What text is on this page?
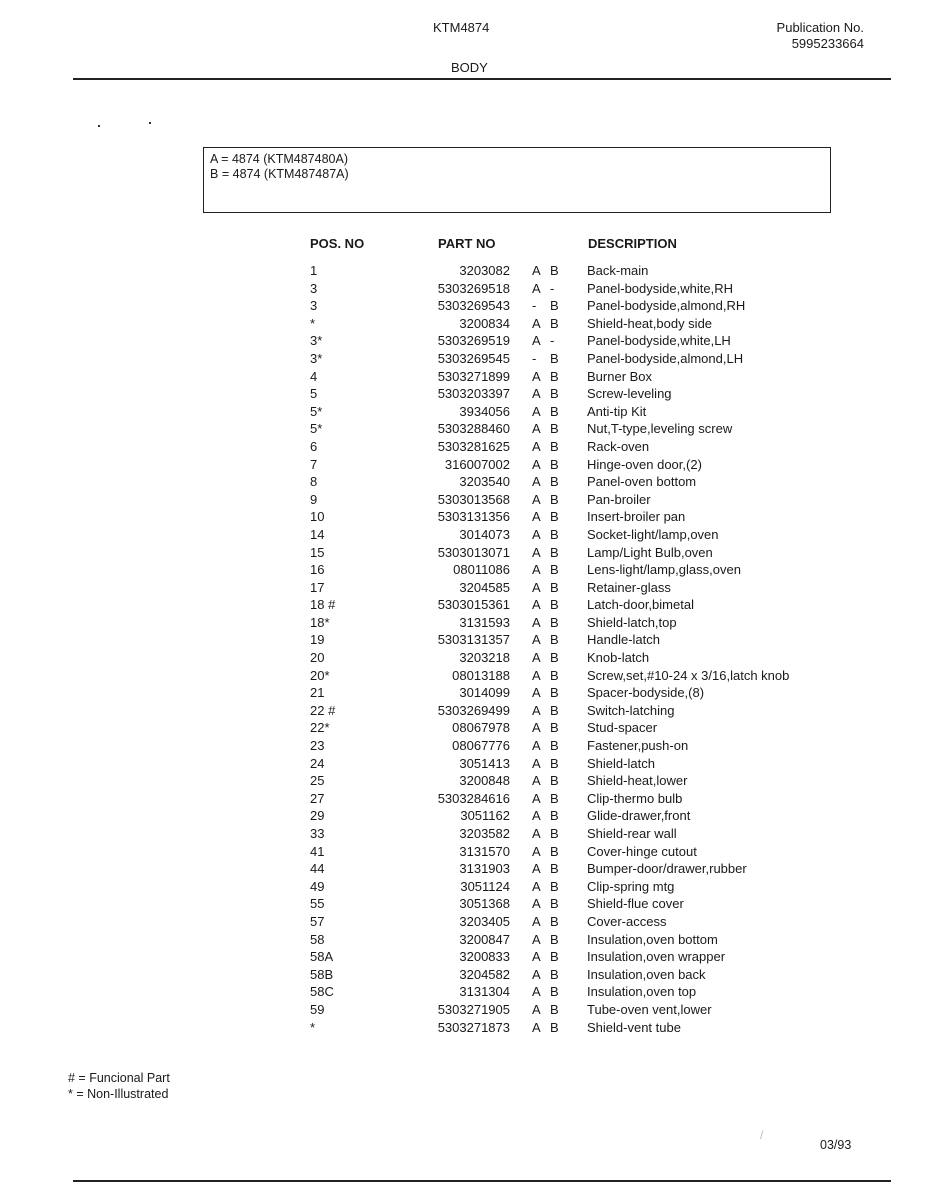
KTM4874
BODY
Publication No.
5995233664
A = 4874 (KTM487480A)
B = 4874 (KTM487487A)
POS. NO	PART NO	DESCRIPTION
1	3203082 A B	Back-main
3	5303269518 A -	Panel-bodyside,white,RH
3	5303269543 -	B	Panel-bodyside,almond,RH
*	3200834 A B	Shield-heat,body side
3*	5303269519 A -	Panel-bodyside,white,LH
3*	5303269545 -	B	Panel-bodyside,almond,LH
4	5303271899 A B	Burner Box
5	5303203397 A B	Screw-leveling
5*	3934056 A B	Anti-tip Kit
5*	5303288460 A B	Nut,T-type,leveling screw
6	5303281625 A B	Rack-oven
7	316007002 A B	Hinge-oven door,(2)
8	3203540 A B	Panel-oven bottom
9	5303013568 A B	Pan-broiler
10	5303131356 A B	Insert-broiler pan
14	3014073 A B	Socket-light/lamp,oven
15	5303013071 A B	Lamp/Light Bulb,oven
16	08011086 A B	Lens-light/lamp,glass,oven
17	3204585 A B	Retainer-glass
18 #	5303015361 A B	Latch-door,bimetal
18*	3131593 A B	Shield-latch,top
19	5303131357 A B	Handle-latch
20	3203218 A B	Knob-latch
20*	08013188 A B	Screw,set,#10-24 x 3/16,latch knob
21	3014099 A B	Spacer-bodyside,(8)
22 #	5303269499 A B	Switch-latching
22*	08067978 A B	Stud-spacer
23	08067776 A B	Fastener,push-on
24	3051413 A B	Shield-latch
25	3200848 A B	Shield-heat,lower
27	5303284616 A B	Clip-thermo bulb
29	3051162 A B	Glide-drawer,front
33	3203582 A B	Shield-rear wall
41	3131570 A B	Cover-hinge cutout
44	3131903 A B	Bumper-door/drawer,rubber
49	3051124 A B	Clip-spring mtg
55	3051368 A B	Shield-flue cover
57	3203405 A B	Cover-access
58	3200847 A B	Insulation,oven bottom
58A	3200833 A B	Insulation,oven wrapper
58B	3204582 A B	Insulation,oven back
58C	3131304 A B	Insulation,oven top
59	5303271905 A B	Tube-oven vent,lower
*	5303271873 A B	Shield-vent tube
# = Funcional Part
* = Non-Illustrated
/
03/93
